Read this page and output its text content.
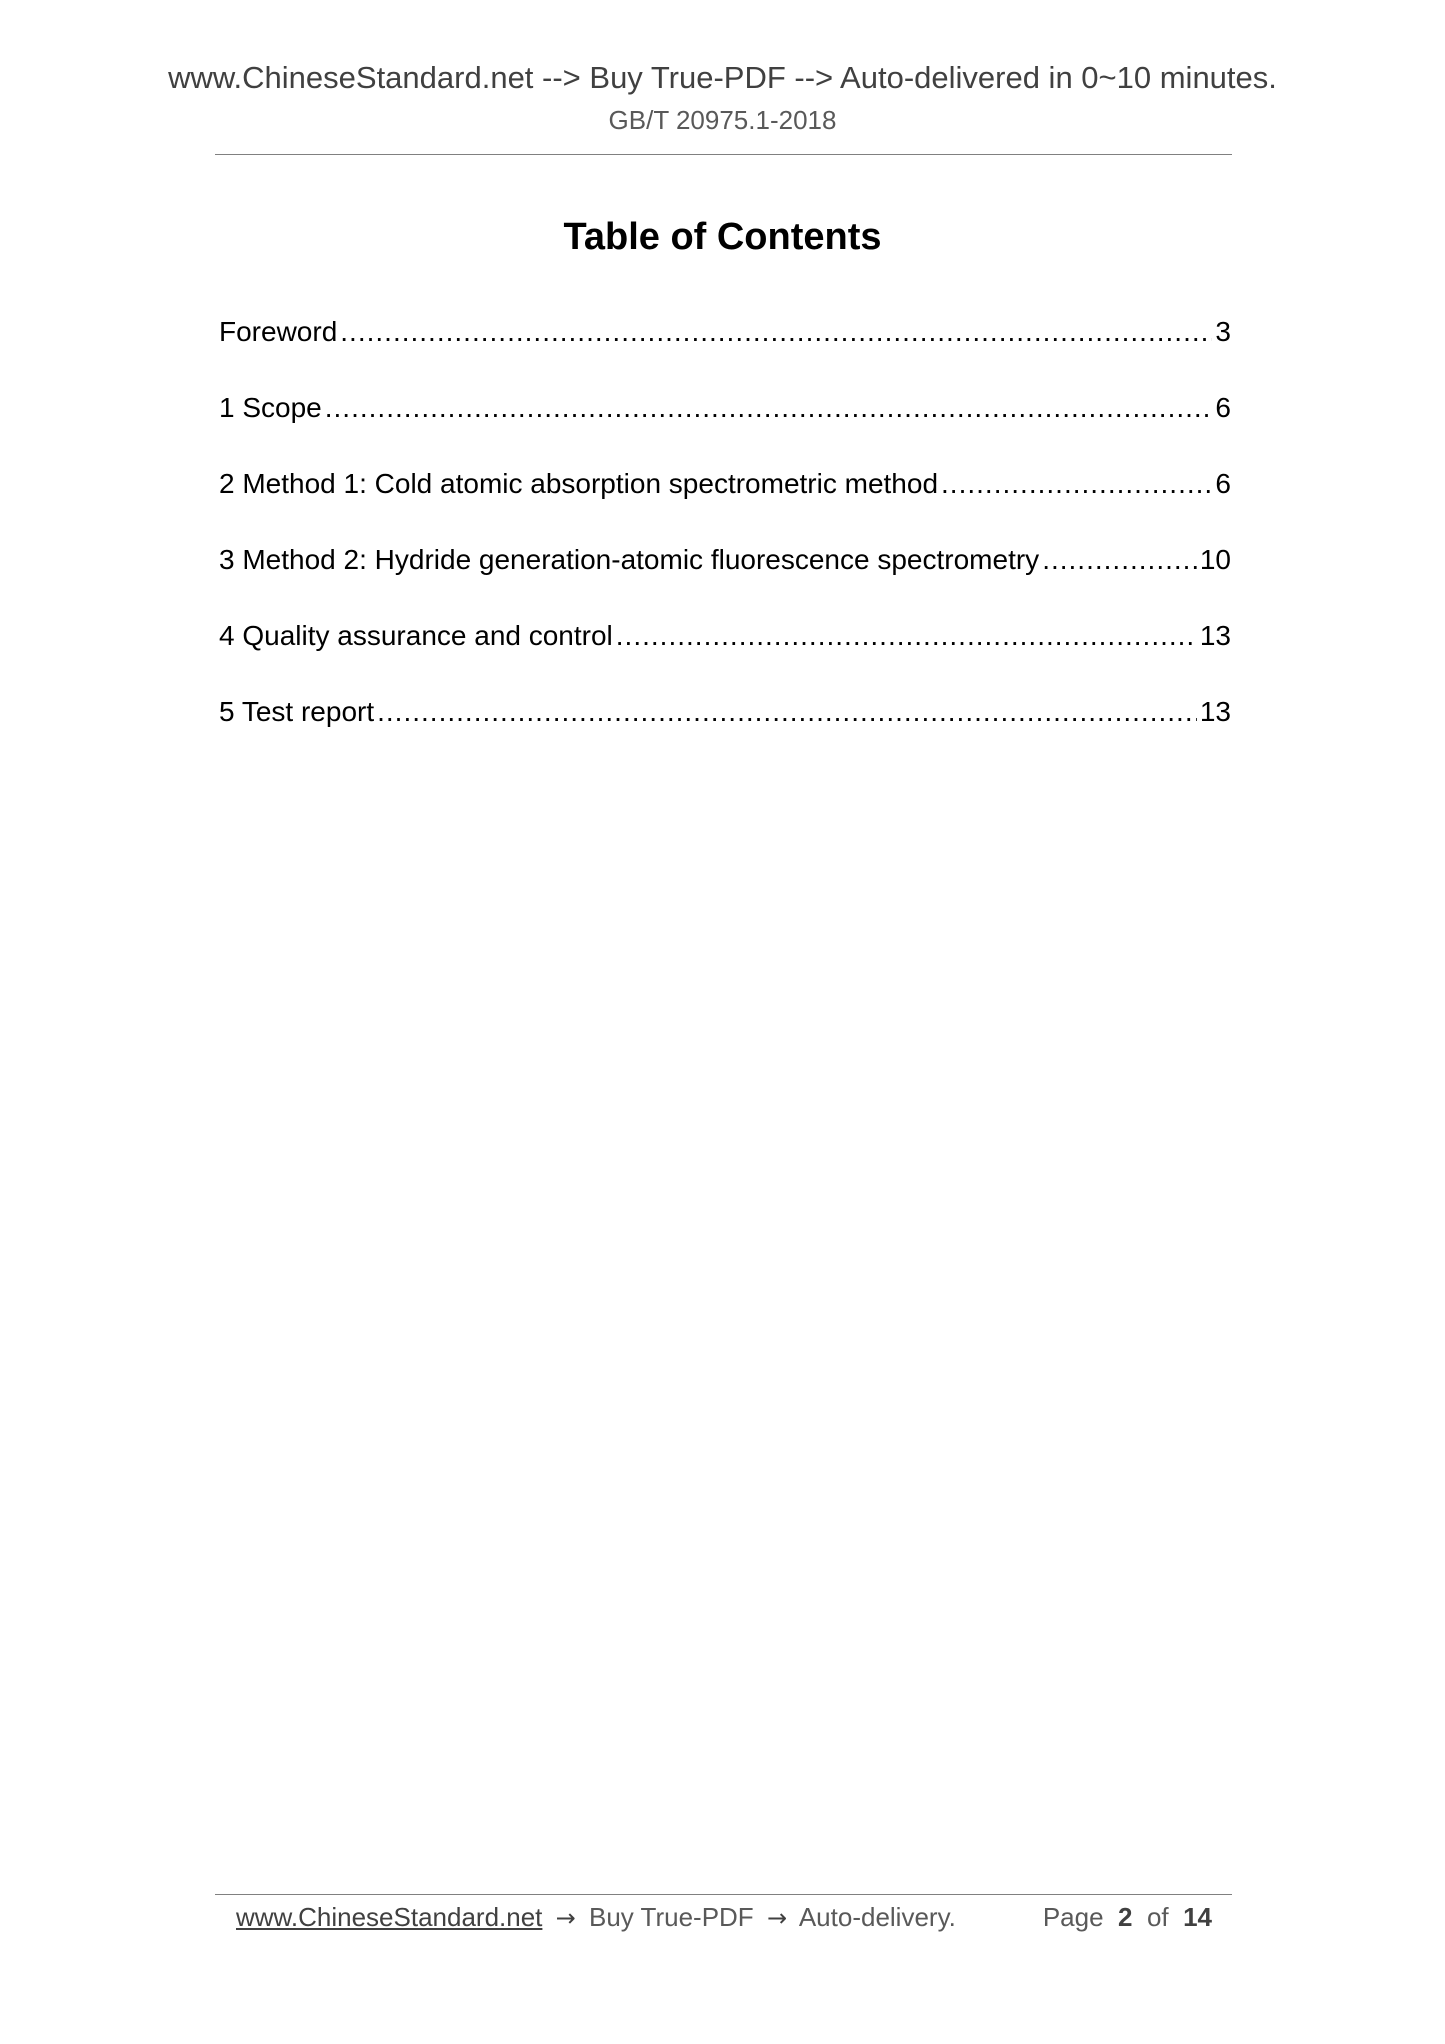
www.ChineseStandard.net --> Buy True-PDF --> Auto-delivered in 0~10 minutes.
GB/T 20975.1-2018
Table of Contents
Foreword .....	3
1 Scope .....	6
2 Method 1: Cold atomic absorption spectrometric method .....	6
3 Method 2: Hydride generation-atomic fluorescence spectrometry .....	10
4 Quality assurance and control .....	13
5 Test report .....	13
www.ChineseStandard.net → Buy True-PDF → Auto-delivery.	Page 2 of 14
